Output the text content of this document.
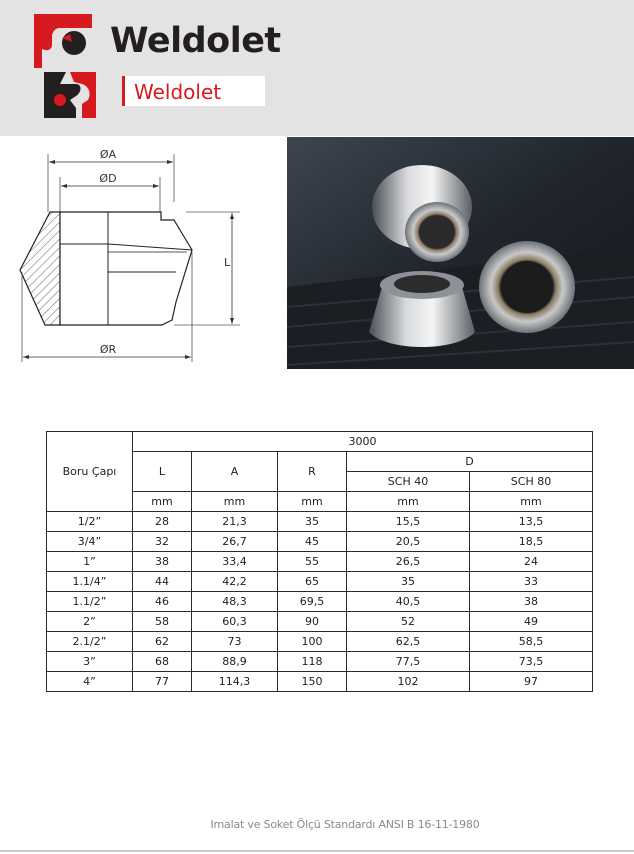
Weldolet
Weldolet
ØA
ØD
L
ØR
Boru Çapı	3000				
	L	A	R	D	
				SCH 40	SCH 80
	mm	mm	mm	mm	mm
1/2”	28	21,3	35	15,5	13,5
3/4”	32	26,7	45	20,5	18,5
1”	38	33,4	55	26,5	24
1.1/4”	44	42,2	65	35	33
1.1/2”	46	48,3	69,5	40,5	38
2”	58	60,3	90	52	49
2.1/2”	62	73	100	62,5	58,5
3”	68	88,9	118	77,5	73,5
4”	77	114,3	150	102	97
Imalat ve Soket Ölçü Standardı ANSI B 16-11-1980
